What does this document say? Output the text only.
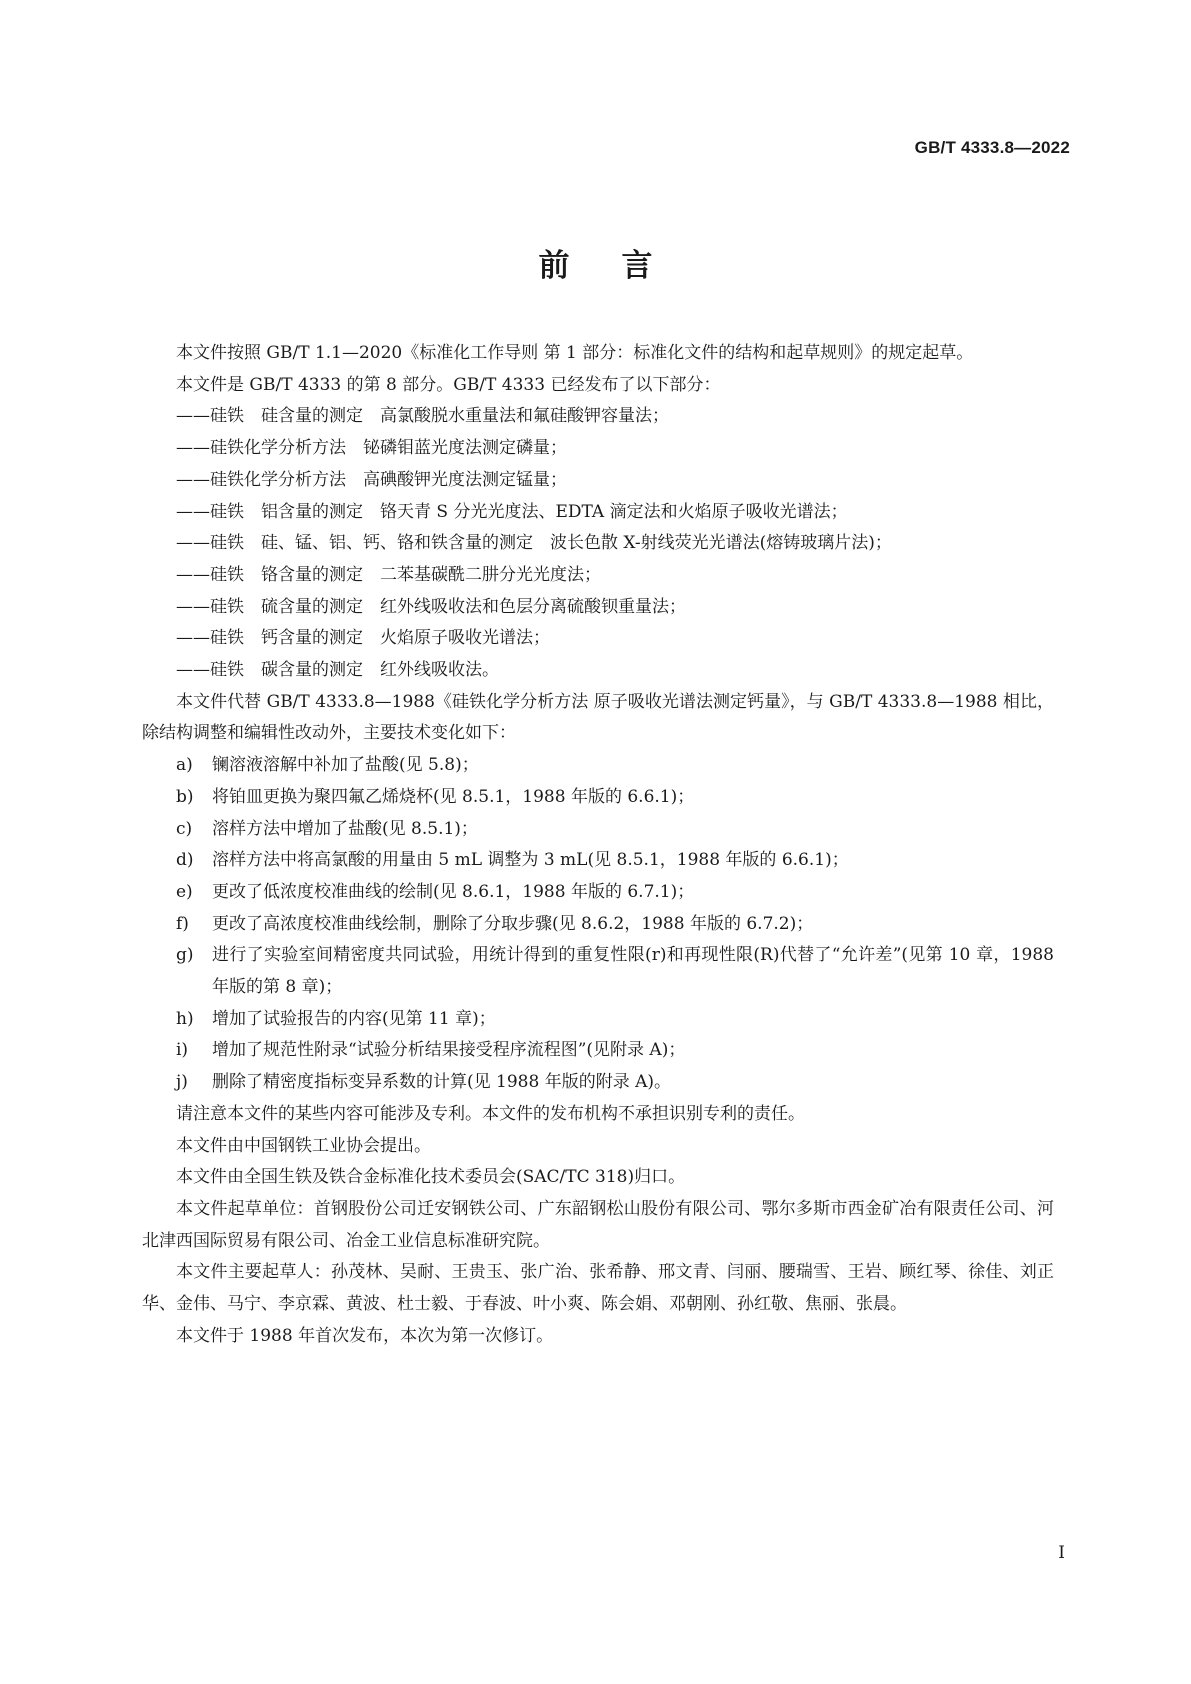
GB/T 4333.8—2022
前言

本文件按照 GB/T 1.1—2020《标准化工作导则 第 1 部分：标准化文件的结构和起草规则》的规定起草。

本文件是 GB/T 4333 的第 8 部分。GB/T 4333 已经发布了以下部分：

——硅铁 硅含量的测定 高氯酸脱水重量法和氟硅酸钾容量法；

——硅铁化学分析方法 铋磷钼蓝光度法测定磷量；

——硅铁化学分析方法 高碘酸钾光度法测定锰量；

——硅铁 铝含量的测定 铬天青 S 分光光度法、EDTA 滴定法和火焰原子吸收光谱法；

——硅铁 硅、锰、铝、钙、铬和铁含量的测定 波长色散 X-射线荧光光谱法(熔铸玻璃片法)；

——硅铁 铬含量的测定 二苯基碳酰二肼分光光度法；

——硅铁 硫含量的测定 红外线吸收法和色层分离硫酸钡重量法；

——硅铁 钙含量的测定 火焰原子吸收光谱法；

——硅铁 碳含量的测定 红外线吸收法。

本文件代替 GB/T 4333.8—1988《硅铁化学分析方法 原子吸收光谱法测定钙量》，与 GB/T 4333.8—1988 相比，除结构调整和编辑性改动外，主要技术变化如下：

a)	镧溶液溶解中补加了盐酸(见 5.8)；
b)	将铂皿更换为聚四氟乙烯烧杯(见 8.5.1，1988 年版的 6.6.1)；
c)	溶样方法中增加了盐酸(见 8.5.1)；
d)	溶样方法中将高氯酸的用量由 5 mL 调整为 3 mL(见 8.5.1，1988 年版的 6.6.1)；
e)	更改了低浓度校准曲线的绘制(见 8.6.1，1988 年版的 6.7.1)；
f)	更改了高浓度校准曲线绘制，删除了分取步骤(见 8.6.2，1988 年版的 6.7.2)；
g)	进行了实验室间精密度共同试验，用统计得到的重复性限(r)和再现性限(R)代替了“允许差”(见第 10 章，1988 年版的第 8 章)；
h)	增加了试验报告的内容(见第 11 章)；
i)	增加了规范性附录“试验分析结果接受程序流程图”(见附录 A)；
j)	删除了精密度指标变异系数的计算(见 1988 年版的附录 A)。

请注意本文件的某些内容可能涉及专利。本文件的发布机构不承担识别专利的责任。

本文件由中国钢铁工业协会提出。

本文件由全国生铁及铁合金标准化技术委员会(SAC/TC 318)归口。

本文件起草单位：首钢股份公司迁安钢铁公司、广东韶钢松山股份有限公司、鄂尔多斯市西金矿冶有限责任公司、河北津西国际贸易有限公司、冶金工业信息标准研究院。

本文件主要起草人：孙茂林、吴耐、王贵玉、张广治、张希静、邢文青、闫丽、腰瑞雪、王岩、顾红琴、徐佳、刘正华、金伟、马宁、李京霖、黄波、杜士毅、于春波、叶小爽、陈会娟、邓朝刚、孙红敬、焦丽、张晨。

本文件于 1988 年首次发布，本次为第一次修订。

I
